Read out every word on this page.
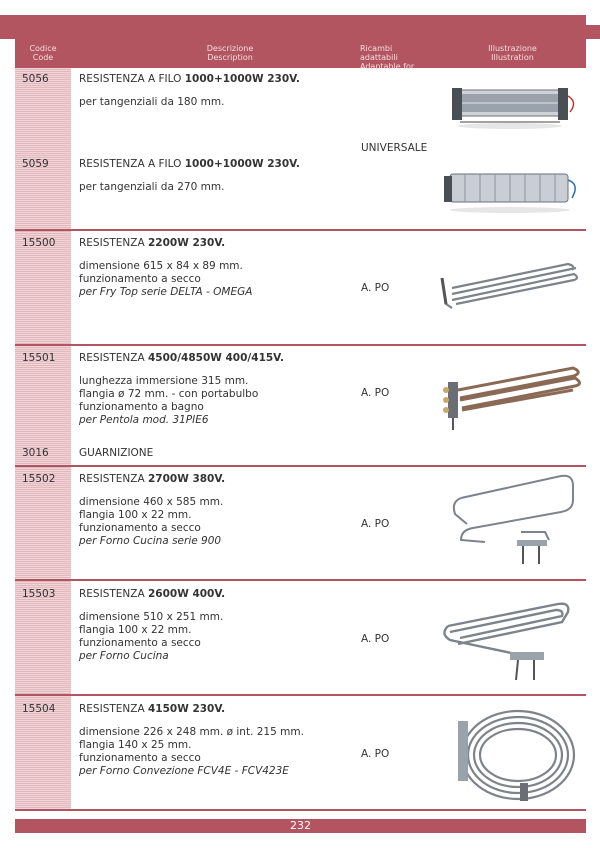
Codice
Code
Descrizione
Description
Ricambi adattabili
Adaptable for
Illustrazione
Illustration
5056	RESISTENZA A FILO 1000+1000W 230V.
per tangenziali da 180 mm.
5059	RESISTENZA A FILO 1000+1000W 230V.
per tangenziali da 270 mm.
UNIVERSALE
15500 RESISTENZA 2200W 230V.
dimensione 615 x 84 x 89 mm.
funzionamento a secco
per Fry Top serie DELTA - OMEGA	A. PO
15501 RESISTENZA 4500/4850W 400/415V.
lunghezza immersione 315 mm.
flangia ø 72 mm. - con portabulbo
funzionamento a bagno
per Pentola mod. 31PIE6
A. PO
3016	GUARNIZIONE
15502 RESISTENZA 2700W 380V.
dimensione 460 x 585 mm.
flangia 100 x 22 mm.
funzionamento a secco
per Forno Cucina serie 900
A. PO
15503 RESISTENZA 2600W 400V.
dimensione 510 x 251 mm.
flangia 100 x 22 mm.
funzionamento a secco
per Forno Cucina
A. PO
15504 RESISTENZA 4150W 230V.
dimensione 226 x 248 mm. ø int. 215 mm.
flangia 140 x 25 mm.
funzionamento a secco
per Forno Convezione FCV4E - FCV423E
A. PO
232
